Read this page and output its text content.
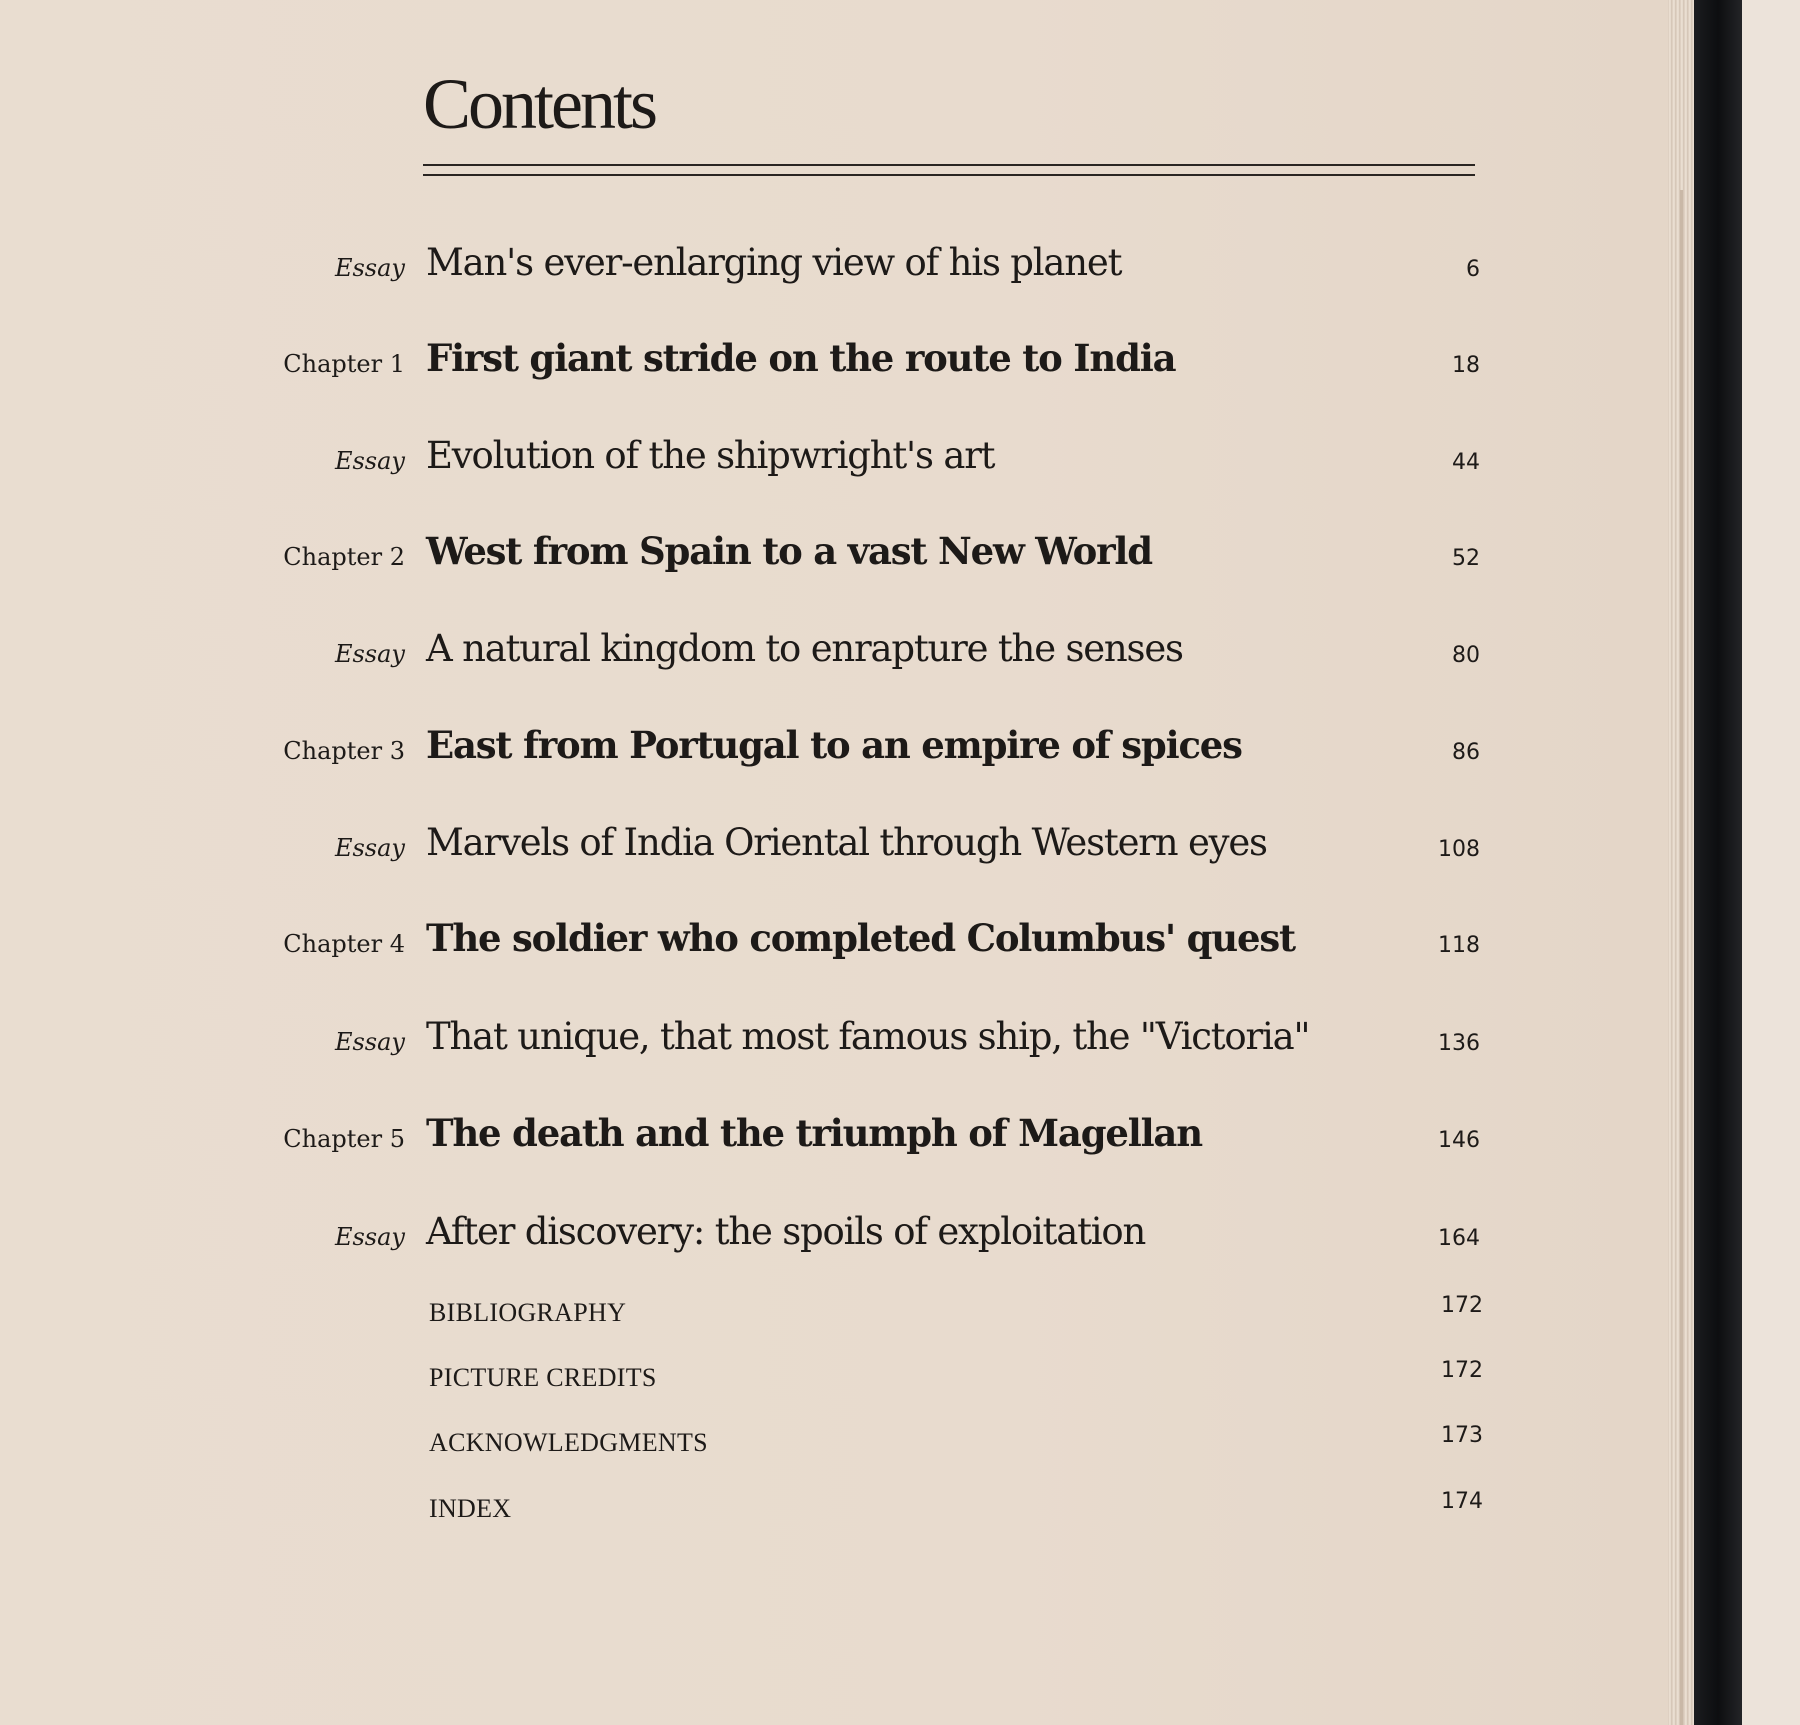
Contents
Essay Man's ever-enlarging view of his planet	6
Chapter 1 First giant stride on the route to India	18
Essay Evolution of the shipwright's art	44
Chapter 2 West from Spain to a vast New World	52
Essay A natural kingdom to enrapture the senses	80
Chapter 3 East from Portugal to an empire of spices	86
Essay Marvels of India Oriental through Western eyes	108
Chapter 4 The soldier who completed Columbus' quest	118
Essay That unique, that most famous ship, the "Victoria"	136
Chapter 5 The death and the triumph of Magellan	146
Essay After discovery: the spoils of exploitation	164
BIBLIOGRAPHY	172
PICTURE CREDITS	172
ACKNOWLEDGMENTS	173
INDEX	174
